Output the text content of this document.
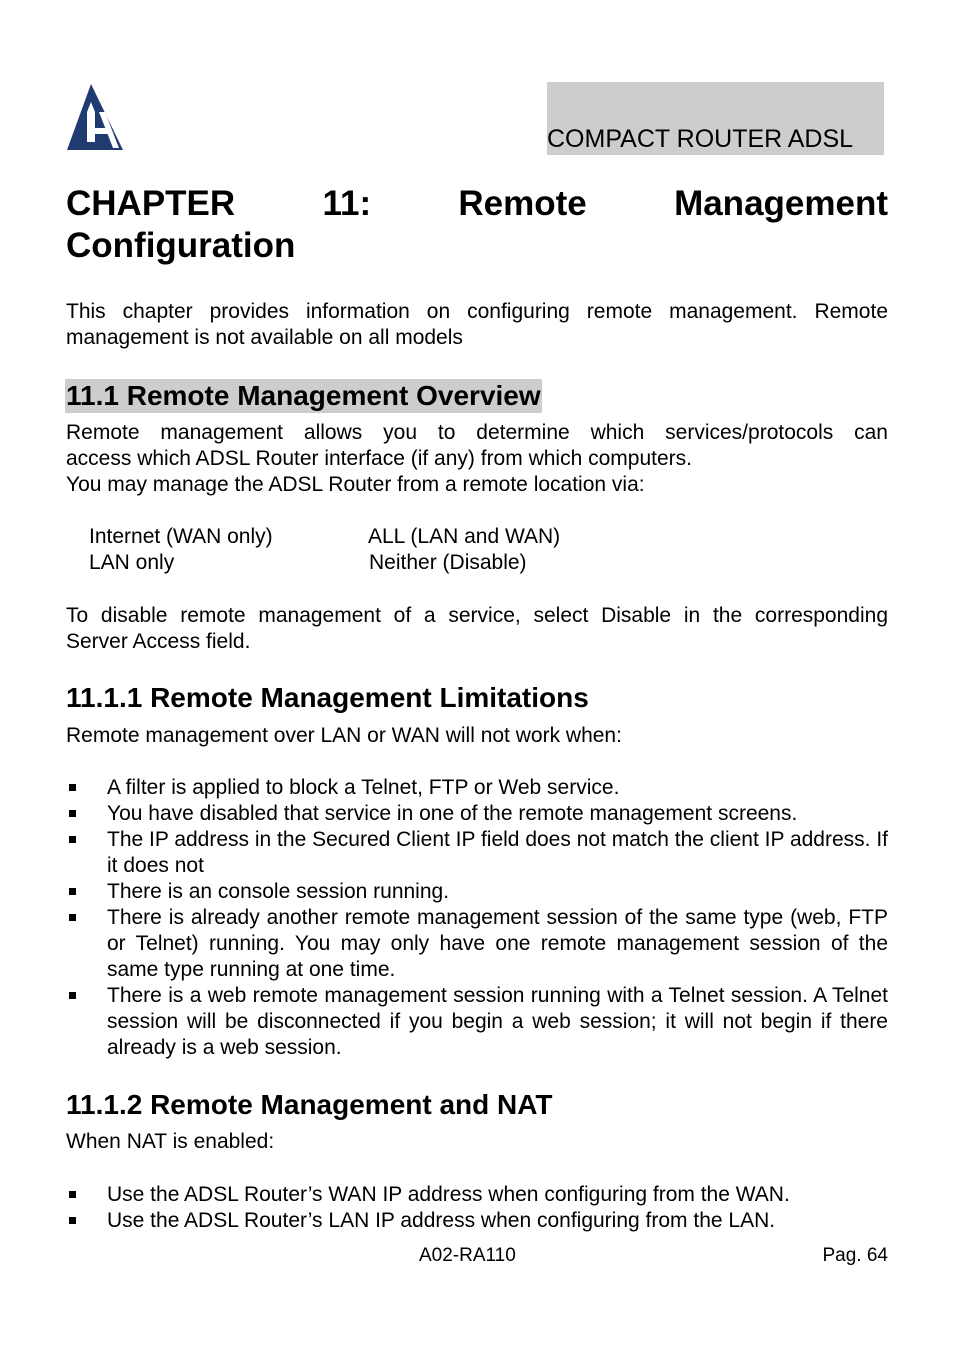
COMPACT ROUTER ADSL
CHAPTER 11: Remote Management
Configuration

This chapter provides information on configuring remote management. Remote
management is not available on all models

11.1 Remote Management Overview

Remote management allows you to determine which services/protocols can
access which ADSL Router interface (if any) from which computers.
You may manage the ADSL Router from a remote location via:

Internet (WAN only)

LAN only

ALL (LAN and WAN)

Neither (Disable)

To disable remote management of a service, select Disable in the corresponding
Server Access field.

11.1.1 Remote Management Limitations

Remote management over LAN or WAN will not work when:

A filter is applied to block a Telnet, FTP or Web service.
You have disabled that service in one of the remote management screens.
The IP address in the Secured Client IP field does not match the client IP address. If it does not
There is an console session running.
There is already another remote management session of the same type (web, FTP or Telnet) running. You may only have one remote management session of the same type running at one time.
There is a web remote management session running with a Telnet session. A Telnet session will be disconnected if you begin a web session; it will not begin if there already is a web session.
11.1.2 Remote Management and NAT

When NAT is enabled:

Use the ADSL Router’s WAN IP address when configuring from the WAN.
Use the ADSL Router’s LAN IP address when configuring from the LAN.
A02-RA110	Pag. 64
